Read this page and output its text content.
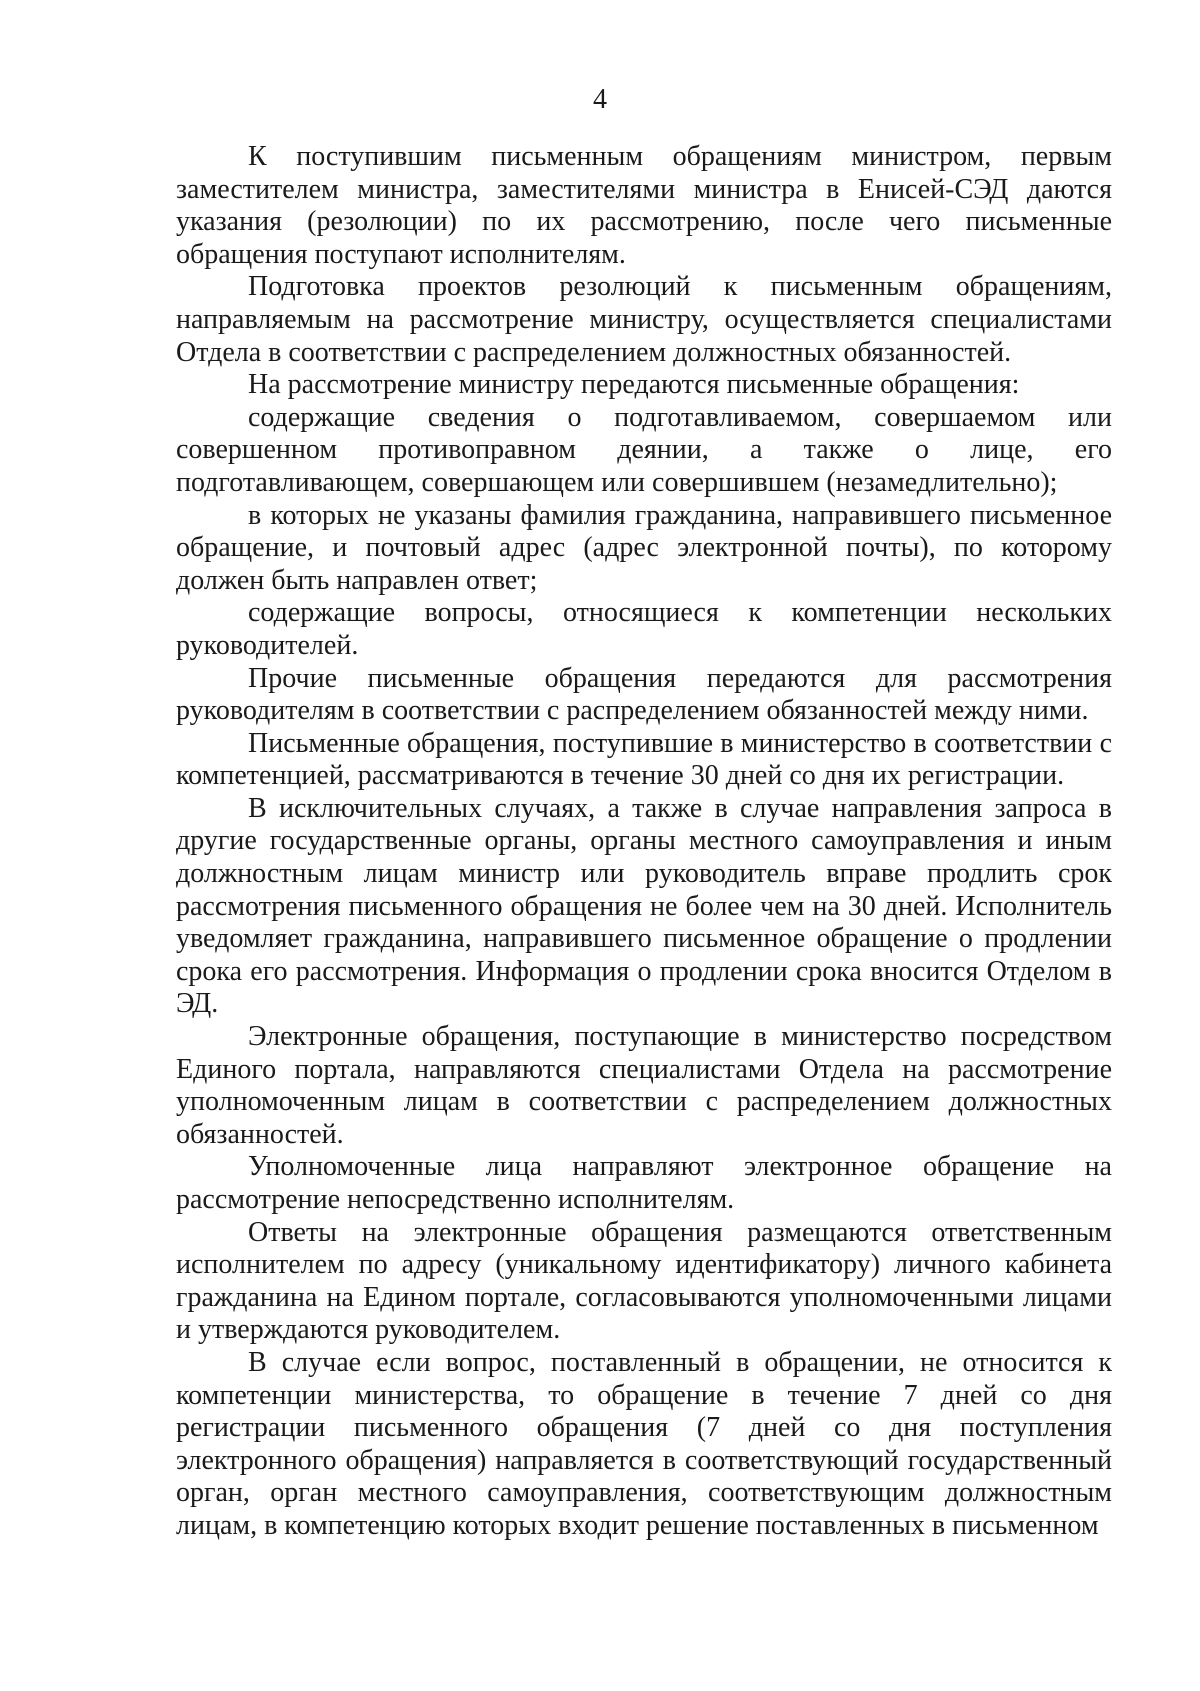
4

К поступившим письменным обращениям министром, первым заместителем министра, заместителями министра в Енисей-СЭД даются указания (резолюции) по их рассмотрению, после чего письменные обращения поступают исполнителям.

Подготовка проектов резолюций к письменным обращениям, направляемым на рассмотрение министру, осуществляется специалистами Отдела в соответствии с распределением должностных обязанностей.

На рассмотрение министру передаются письменные обращения:

содержащие сведения о подготавливаемом, совершаемом или совершенном противоправном деянии, а также о лице, его подготавливающем, совершающем или совершившем (незамедлительно);

в которых не указаны фамилия гражданина, направившего письменное обращение, и почтовый адрес (адрес электронной почты), по которому должен быть направлен ответ;

содержащие вопросы, относящиеся к компетенции нескольких руководителей.

Прочие письменные обращения передаются для рассмотрения руководителям в соответствии с распределением обязанностей между ними.

Письменные обращения, поступившие в министерство в соответствии с компетенцией, рассматриваются в течение 30 дней со дня их регистрации.

В исключительных случаях, а также в случае направления запроса в другие государственные органы, органы местного самоуправления и иным должностным лицам министр или руководитель вправе продлить срок рассмотрения письменного обращения не более чем на 30 дней. Исполнитель уведомляет гражданина, направившего письменное обращение о продлении срока его рассмотрения. Информация о продлении срока вносится Отделом в ЭД.

Электронные обращения, поступающие в министерство посредством Единого портала, направляются специалистами Отдела на рассмотрение уполномоченным лицам в соответствии с распределением должностных обязанностей.

Уполномоченные лица направляют электронное обращение на рассмотрение непосредственно исполнителям.

Ответы на электронные обращения размещаются ответственным исполнителем по адресу (уникальному идентификатору) личного кабинета гражданина на Едином портале, согласовываются уполномоченными лицами и утверждаются руководителем.

В случае если вопрос, поставленный в обращении, не относится к компетенции министерства, то обращение в течение 7 дней со дня регистрации письменного обращения (7 дней со дня поступления электронного обращения) направляется в соответствующий государственный орган, орган местного самоуправления, соответствующим должностным лицам, в компетенцию которых входит решение поставленных в письменном
